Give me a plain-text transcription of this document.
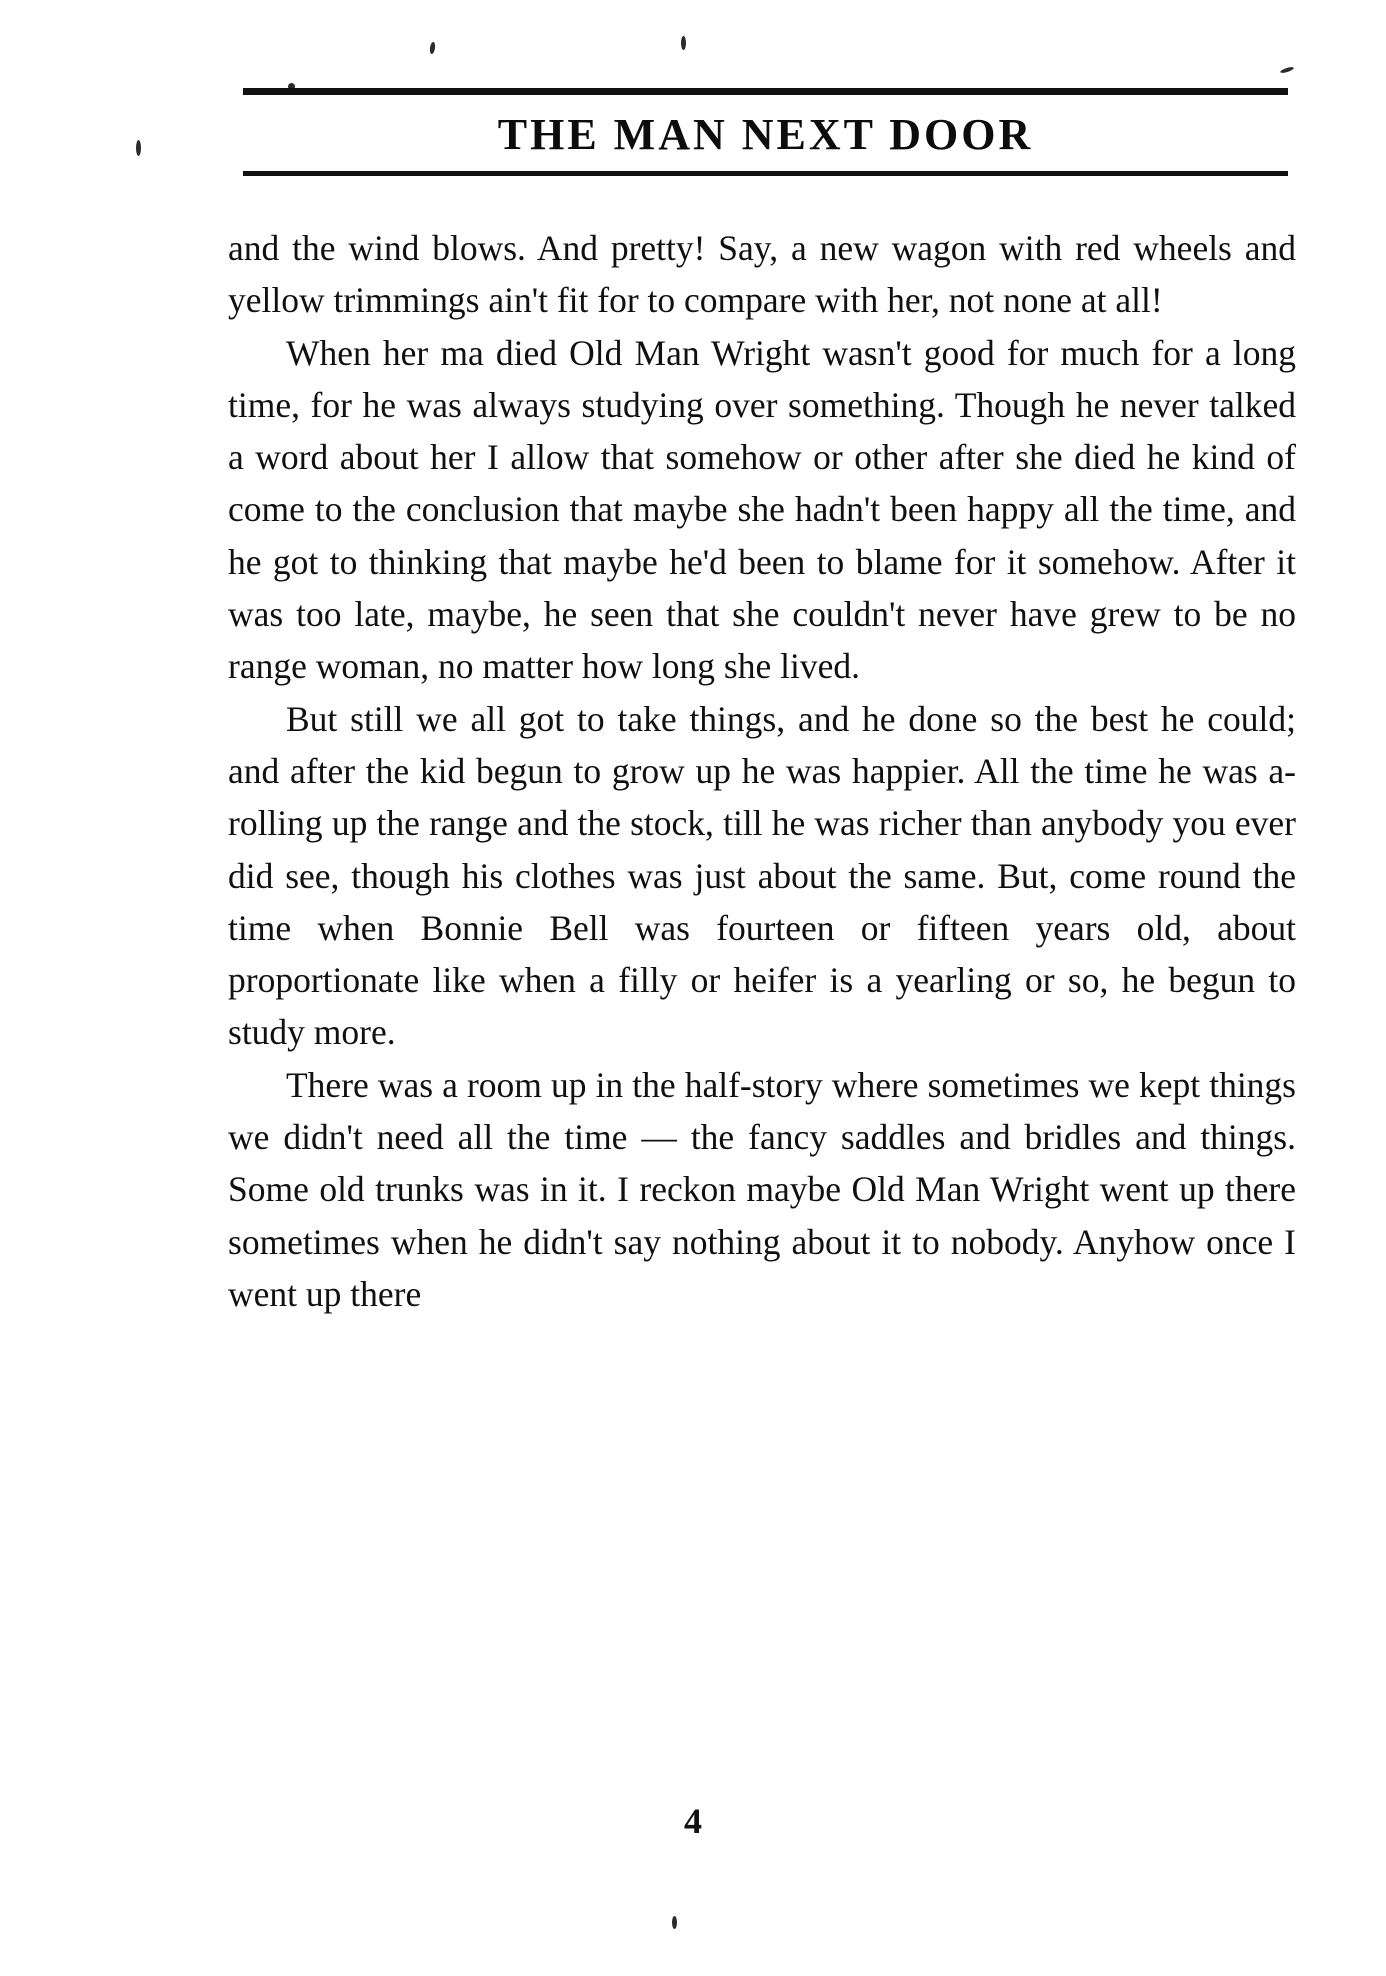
THE MAN NEXT DOOR

and the wind blows. And pretty! Say, a new wagon with red wheels and yellow trimmings ain't fit for to compare with her, not none at all!

When her ma died Old Man Wright wasn't good for much for a long time, for he was always studying over something. Though he never talked a word about her I allow that somehow or other after she died he kind of come to the conclusion that maybe she hadn't been happy all the time, and he got to thinking that maybe he'd been to blame for it somehow. After it was too late, maybe, he seen that she couldn't never have grew to be no range woman, no matter how long she lived.

But still we all got to take things, and he done so the best he could; and after the kid begun to grow up he was happier. All the time he was a-rolling up the range and the stock, till he was richer than anybody you ever did see, though his clothes was just about the same. But, come round the time when Bonnie Bell was fourteen or fifteen years old, about proportionate like when a filly or heifer is a yearling or so, he begun to study more.

There was a room up in the half-story where sometimes we kept things we didn't need all the time — the fancy saddles and bridles and things. Some old trunks was in it. I reckon maybe Old Man Wright went up there sometimes when he didn't say nothing about it to nobody. Anyhow once I went up there

4
